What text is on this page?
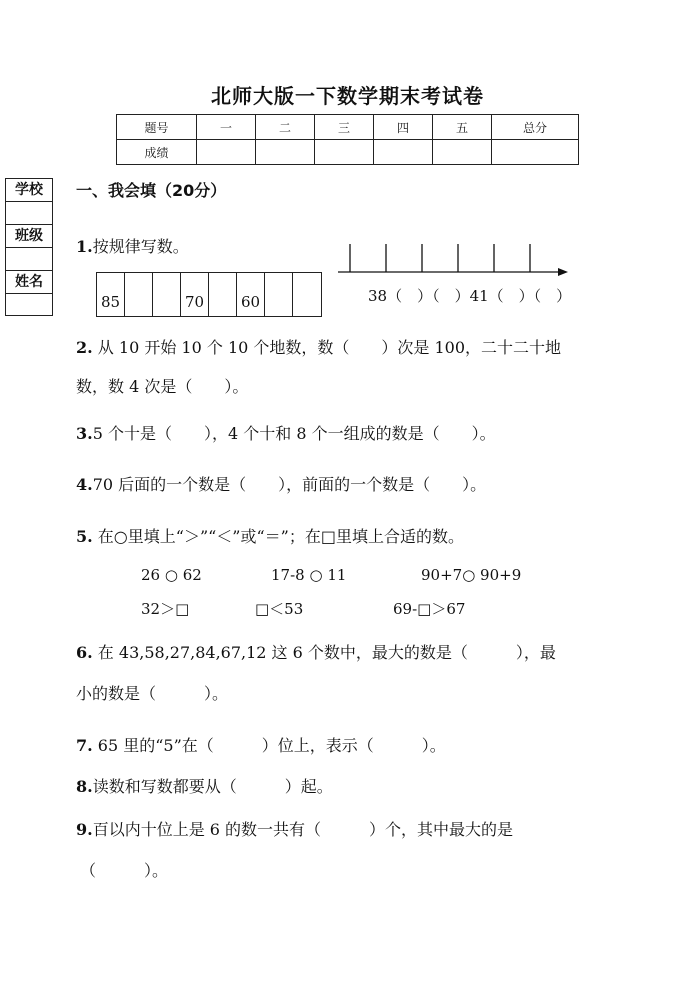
北师大版一下数学期末考试卷
题号	一	二	三	四	五	总分
成绩						
学校
班级
姓名
一、我会填（20分）
1.按规律写数。
85	70	60	38（　）（　）41（　）（　）
2. 从 10 开始 10 个 10 个地数，数（　　）次是 100，二十二十地
数，数 4 次是（　　）。
3.5 个十是（　　），4 个十和 8 个一组成的数是（　　）。
4.70 后面的一个数是（　　），前面的一个数是（　　）。
5. 在○里填上“＞”“＜”或“＝”；在□里填上合适的数。
26 ○ 62	17-8 ○ 11	90+7○ 90+9
32＞□	□＜53	69-□＞67
6. 在 43,58,27,84,67,12 这 6 个数中，最大的数是（　　　），最
小的数是（　　　）。
7. 65 里的“5”在（　　　）位上，表示（　　　）。
8.读数和写数都要从（　　　）起。
9.百以内十位上是 6 的数一共有（　　　）个，其中最大的是
（　　　）。
